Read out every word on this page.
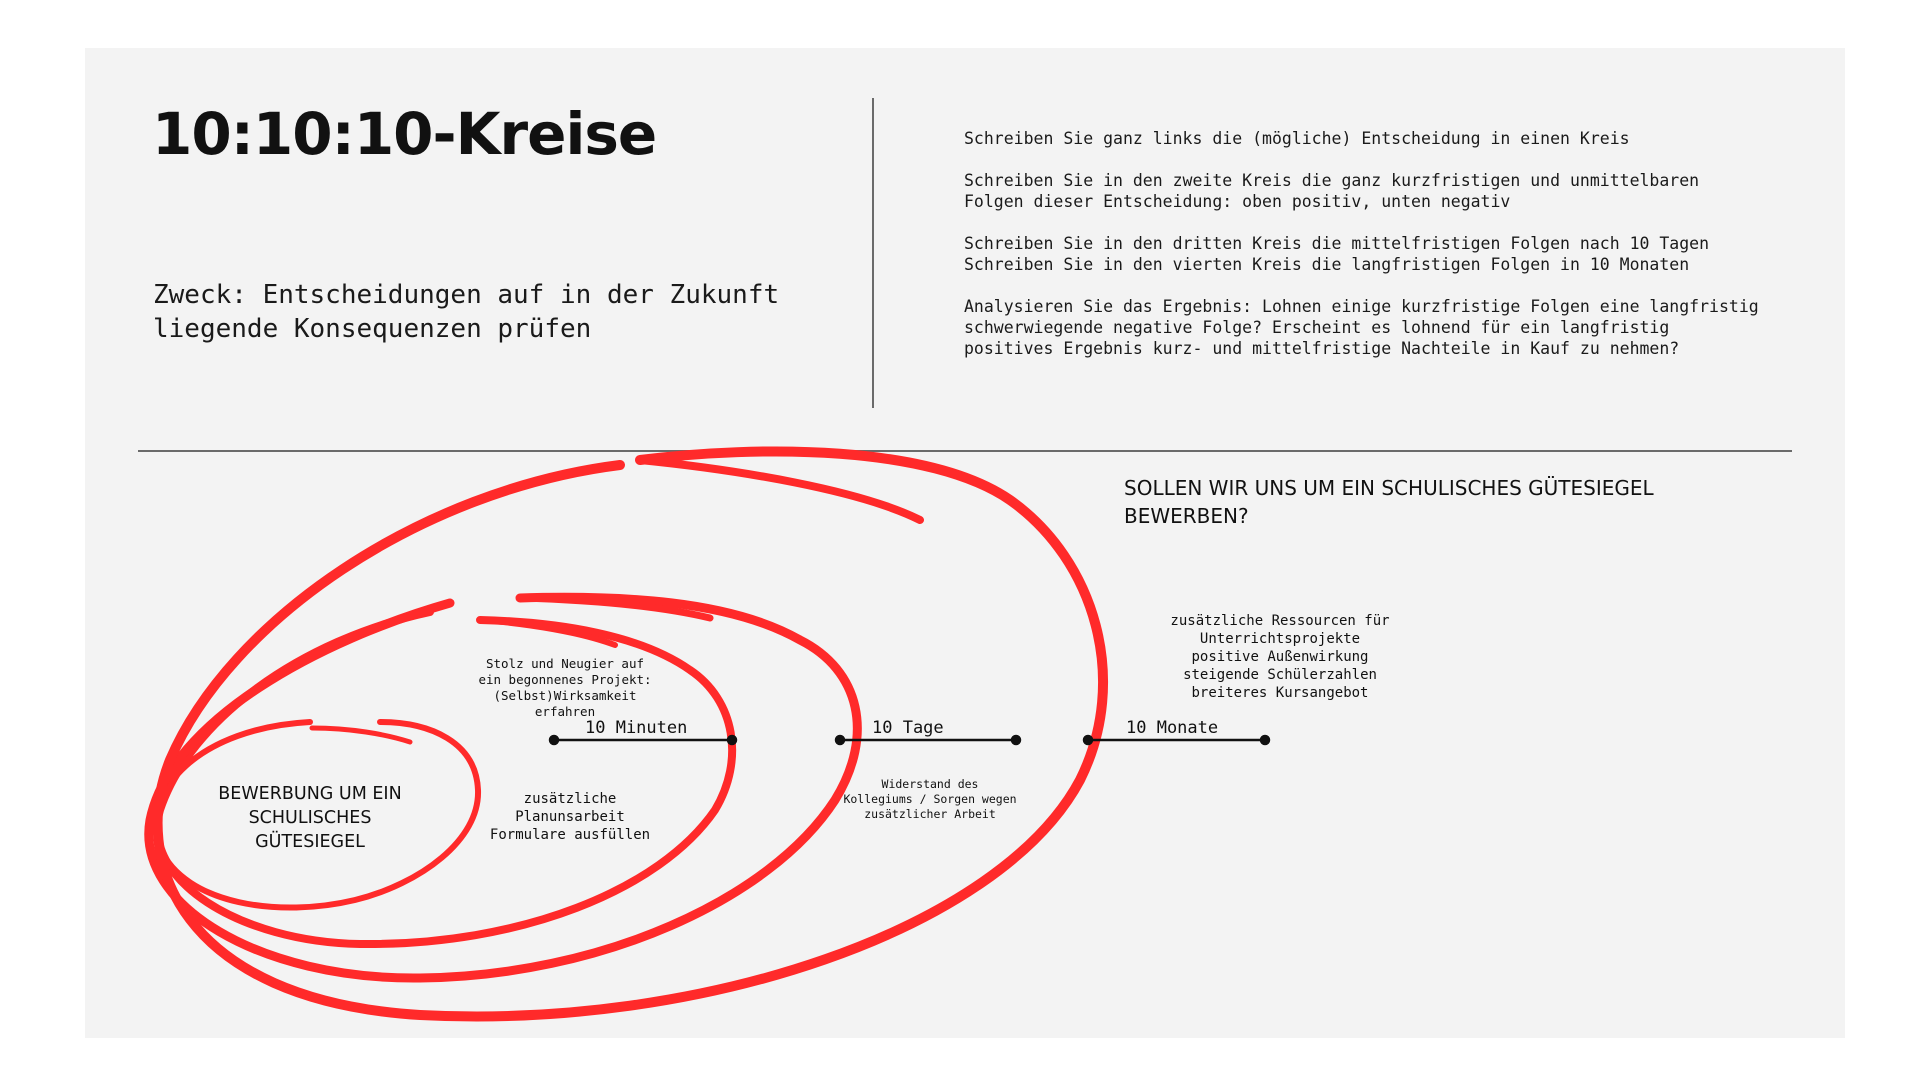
10:10:10-Kreise

Zweck: Entscheidungen auf in der Zukunft liegende Konsequenzen prüfen

Schreiben Sie ganz links die (mögliche) Entscheidung in einen Kreis

Schreiben Sie in den zweite Kreis die ganz kurzfristigen und unmittelbaren
Folgen dieser Entscheidung: oben positiv, unten negativ

Schreiben Sie in den dritten Kreis die mittelfristigen Folgen nach 10 Tagen
Schreiben Sie in den vierten Kreis die langfristigen Folgen in 10 Monaten

Analysieren Sie das Ergebnis: Lohnen einige kurzfristige Folgen eine langfristig
schwerwiegende negative Folge? Erscheint es lohnend für ein langfristig
positives Ergebnis kurz- und mittelfristige Nachteile in Kauf zu nehmen?

SOLLEN WIR UNS UM EIN SCHULISCHES GÜTESIEGEL BEWERBEN?

BEWERBUNG UM EIN
SCHULISCHES
GÜTESIEGEL
10 Minuten	10 Tage	10 Monate
Stolz und Neugier auf
ein begonnenes Projekt:
(Selbst)Wirksamkeit
erfahren
zusätzliche
Planunsarbeit
Formulare ausfüllen
Widerstand des
Kollegiums / Sorgen wegen
zusätzlicher Arbeit
zusätzliche Ressourcen für
Unterrichtsprojekte
positive Außenwirkung
steigende Schülerzahlen
breiteres Kursangebot
